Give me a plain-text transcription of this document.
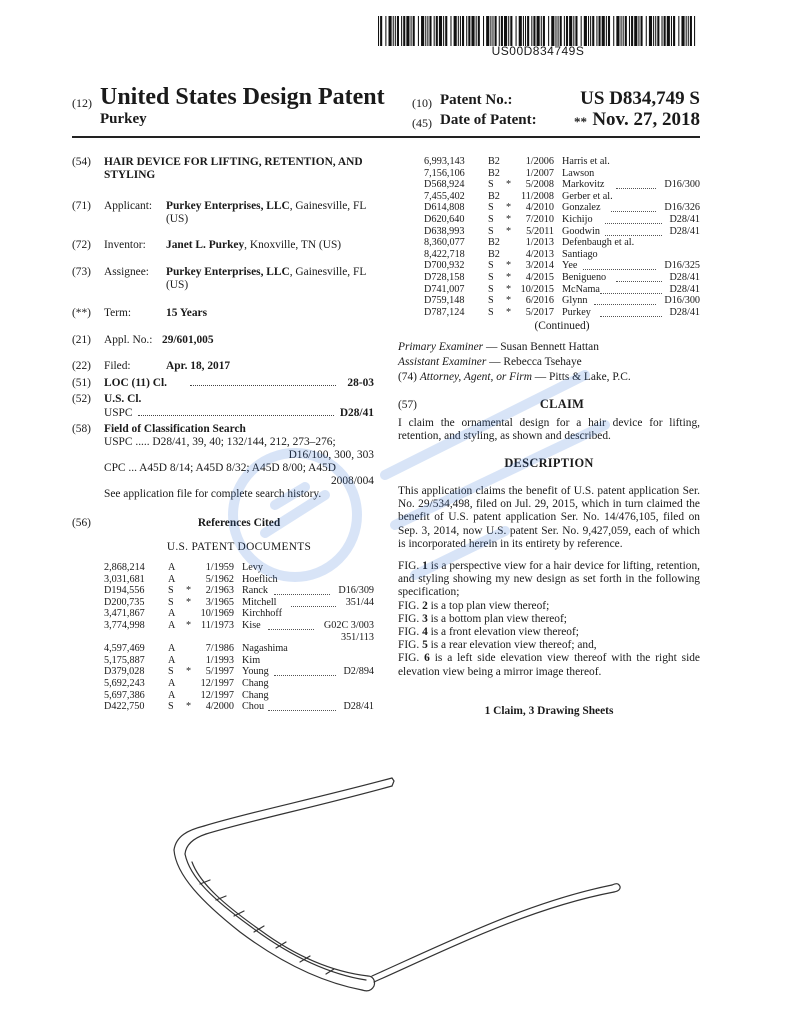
US00D834749S
(12) United States Design Patent
Purkey
(10) Patent No.:	US D834,749 S
(45) Date of Patent:	** Nov. 27, 2018
(54)	HAIR DEVICE FOR LIFTING, RETENTION, AND STYLING
(71)	Applicant: Purkey Enterprises, LLC, Gainesville, FL (US)
(72)	Inventor: Janet L. Purkey, Knoxville, TN (US)
(73)	Assignee: Purkey Enterprises, LLC, Gainesville, FL (US)
(**)	Term:	15 Years
(21)	Appl. No.: 29/601,005
(22)	Filed:	Apr. 18, 2017
(51)	LOC (11) Cl.	28-03
(52)	U.S. Cl.
USPC	D28/41
(58)	Field of Classification Search
USPC ..... D28/41, 39, 40; 132/144, 212, 273–276;
D16/100, 300, 303
CPC ... A45D 8/14; A45D 8/32; A45D 8/00; A45D
2008/004
See application file for complete search history.
(56)	References Cited
U.S. PATENT DOCUMENTS
2,868,214 A	1/1959 Levy
3,031,681 A	5/1962 Hoeflich
D194,556 S *	2/1963 Ranck	D16/309
D200,735 S *	3/1965 Mitchell	351/44
3,471,867 A	10/1969 Kirchhoff
3,774,998 A * 11/1973 Kise	G02C 3/003
351/113
4,597,469 A	7/1986 Nagashima
5,175,887 A	1/1993 Kim
D379,028 S *	5/1997 Young	D2/894
5,692,243 A	12/1997 Chang
5,697,386 A	12/1997 Chang
D422,750 S *	4/2000 Chou	D28/41
6,993,143 B2	1/2006 Harris et al.
7,156,106 B2	1/2007 Lawson
D568,924 S *	5/2008 Markovitz	D16/300
7,455,402 B2	11/2008 Gerber et al.
D614,808 S *	4/2010 Gonzalez	D16/326
D620,640 S *	7/2010 Kichijo	D28/41
D638,993 S *	5/2011 Goodwin	D28/41
8,360,077 B2	1/2013 Defenbaugh et al.
8,422,718 B2	4/2013 Santiago
D700,932 S *	3/2014 Yee	D16/325
D728,158 S *	4/2015 Benigueno	D28/41
D741,007 S * 10/2015 McNama	D28/41
D759,148 S *	6/2016 Glynn	D16/300
D787,124 S *	5/2017 Purkey	D28/41
(Continued)
Primary Examiner — Susan Bennett Hattan
Assistant Examiner — Rebecca Tsehaye
(74) Attorney, Agent, or Firm — Pitts & Lake, P.C.
(57)	CLAIM
I claim the ornamental design for a hair device for lifting, retention, and styling, as shown and described.
DESCRIPTION
This application claims the benefit of U.S. patent application Ser. No. 29/534,498, filed on Jul. 29, 2015, which in turn claimed the benefit of U.S. patent application Ser. No. 14/476,105, filed on Sep. 3, 2014, now U.S. patent Ser. No. 9,427,059, each of which is incorporated herein in its entirety by reference.
FIG. 1 is a perspective view for a hair device for lifting, retention, and styling showing my new design as set forth in the following specification;
FIG. 2 is a top plan view thereof;
FIG. 3 is a bottom plan view thereof;
FIG. 4 is a front elevation view thereof;
FIG. 5 is a rear elevation view thereof; and,
FIG. 6 is a left side elevation view thereof with the right side elevation view being a mirror image thereof.
1 Claim, 3 Drawing Sheets
